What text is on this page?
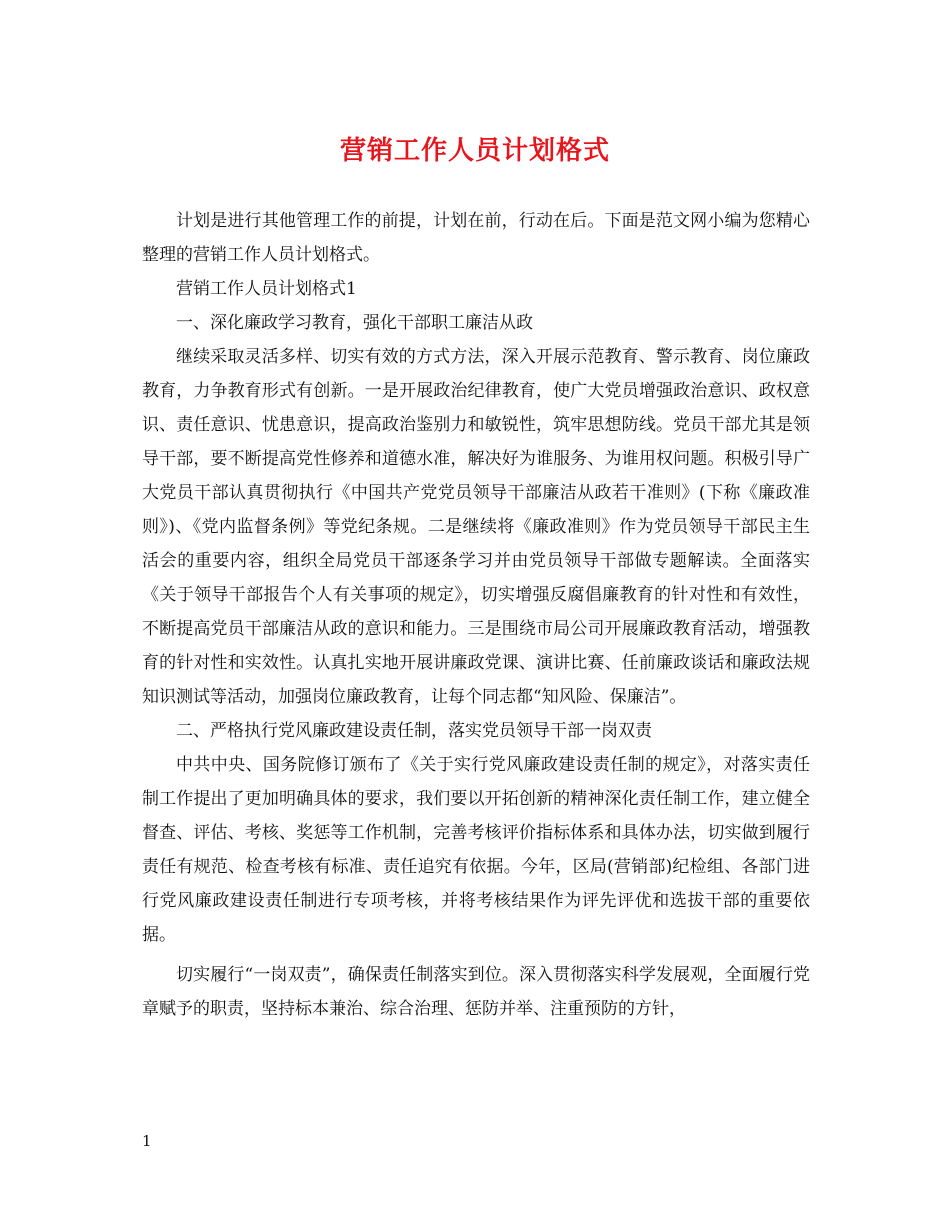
营销工作人员计划格式

计划是进行其他管理工作的前提，计划在前，行动在后。下面是范文网小编为您精心整理的营销工作人员计划格式。

营销工作人员计划格式1

一、深化廉政学习教育，强化干部职工廉洁从政

继续采取灵活多样、切实有效的方式方法，深入开展示范教育、警示教育、岗位廉政教育，力争教育形式有创新。一是开展政治纪律教育，使广大党员增强政治意识、政权意识、责任意识、忧患意识，提高政治鉴别力和敏锐性，筑牢思想防线。党员干部尤其是领导干部，要不断提高党性修养和道德水准，解决好为谁服务、为谁用权问题。积极引导广大党员干部认真贯彻执行《中国共产党党员领导干部廉洁从政若干准则》(下称《廉政准则》)、《党内监督条例》等党纪条规。二是继续将《廉政准则》作为党员领导干部民主生活会的重要内容，组织全局党员干部逐条学习并由党员领导干部做专题解读。全面落实《关于领导干部报告个人有关事项的规定》，切实增强反腐倡廉教育的针对性和有效性，不断提高党员干部廉洁从政的意识和能力。三是围绕市局公司开展廉政教育活动，增强教育的针对性和实效性。认真扎实地开展讲廉政党课、演讲比赛、任前廉政谈话和廉政法规知识测试等活动，加强岗位廉政教育，让每个同志都“知风险、保廉洁”。

二、严格执行党风廉政建设责任制，落实党员领导干部一岗双责

中共中央、国务院修订颁布了《关于实行党风廉政建设责任制的规定》，对落实责任制工作提出了更加明确具体的要求，我们要以开拓创新的精神深化责任制工作，建立健全督查、评估、考核、奖惩等工作机制，完善考核评价指标体系和具体办法，切实做到履行责任有规范、检查考核有标准、责任追究有依据。今年，区局(营销部)纪检组、各部门进行党风廉政建设责任制进行专项考核，并将考核结果作为评先评优和选拔干部的重要依据。

切实履行“一岗双责”，确保责任制落实到位。深入贯彻落实科学发展观，全面履行党章赋予的职责，坚持标本兼治、综合治理、惩防并举、注重预防的方针，

1
